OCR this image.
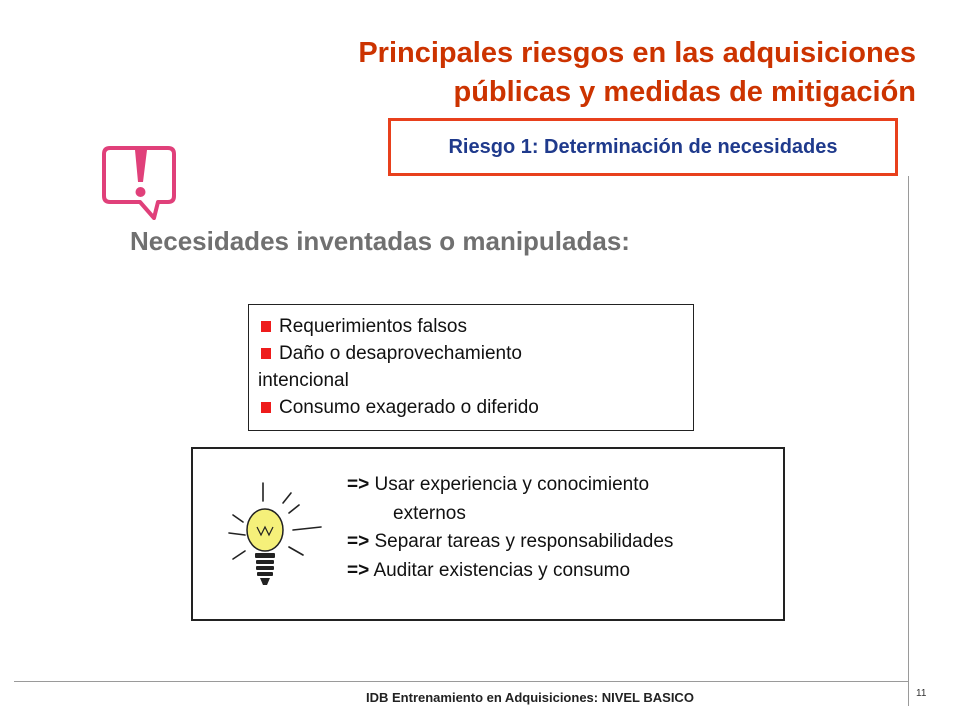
Principales riesgos en las adquisiciones
públicas y medidas de mitigación
Riesgo 1: Determinación de necesidades
Necesidades inventadas o manipuladas:
Requerimientos falsos
Daño o desaprovechamiento
intencional
Consumo exagerado o diferido
=> Usar experiencia y conocimiento
externos
=> Separar tareas y responsabilidades
=> Auditar existencias y consumo
IDB Entrenamiento en Adquisiciones: NIVEL BASICO	11
